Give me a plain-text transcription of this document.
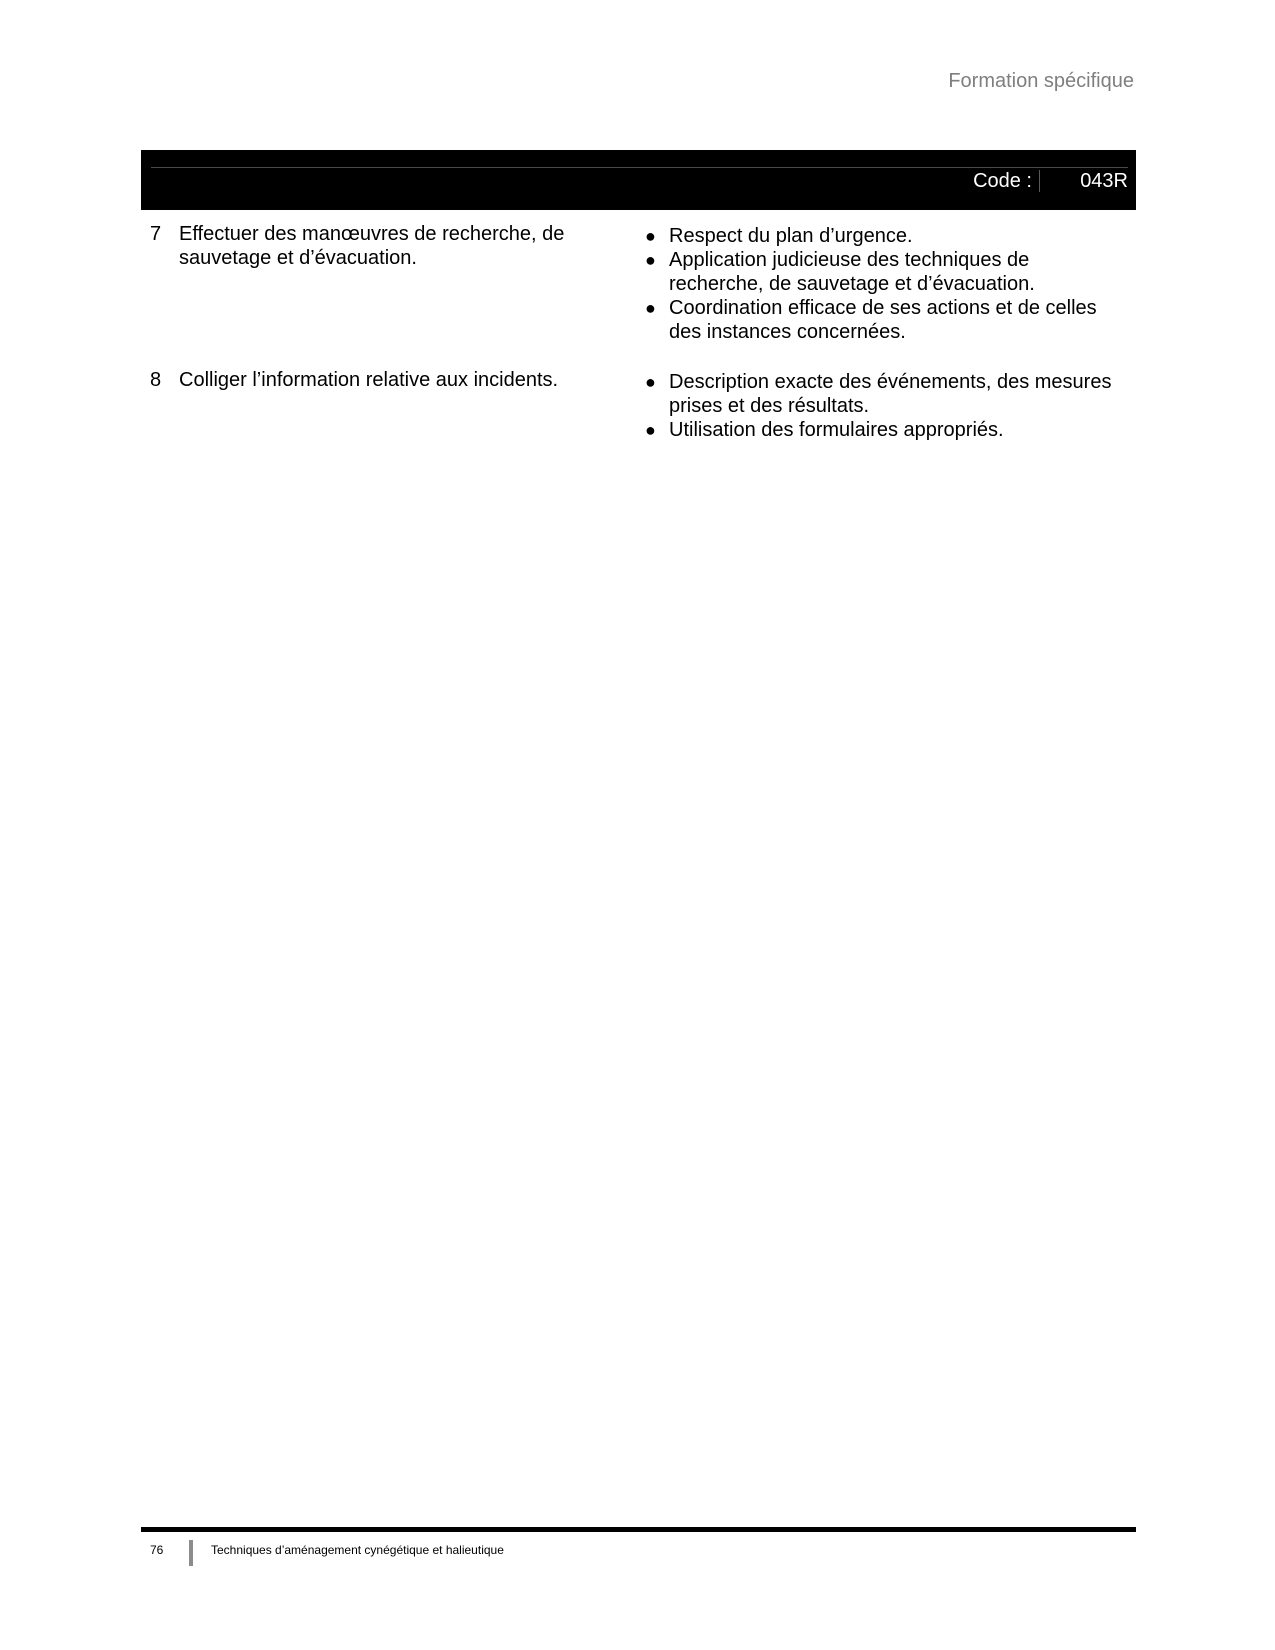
Formation spécifique
Code : 043R
7 Effectuer des manœuvres de recherche, de sauvetage et d’évacuation.
● Respect du plan d’urgence.
● Application judicieuse des techniques de recherche, de sauvetage et d’évacuation.
● Coordination efficace de ses actions et de celles des instances concernées.
8 Colliger l’information relative aux incidents.	● Description exacte des événements, des mesures prises et des résultats.
● Utilisation des formulaires appropriés.
76	Techniques d’aménagement cynégétique et halieutique
